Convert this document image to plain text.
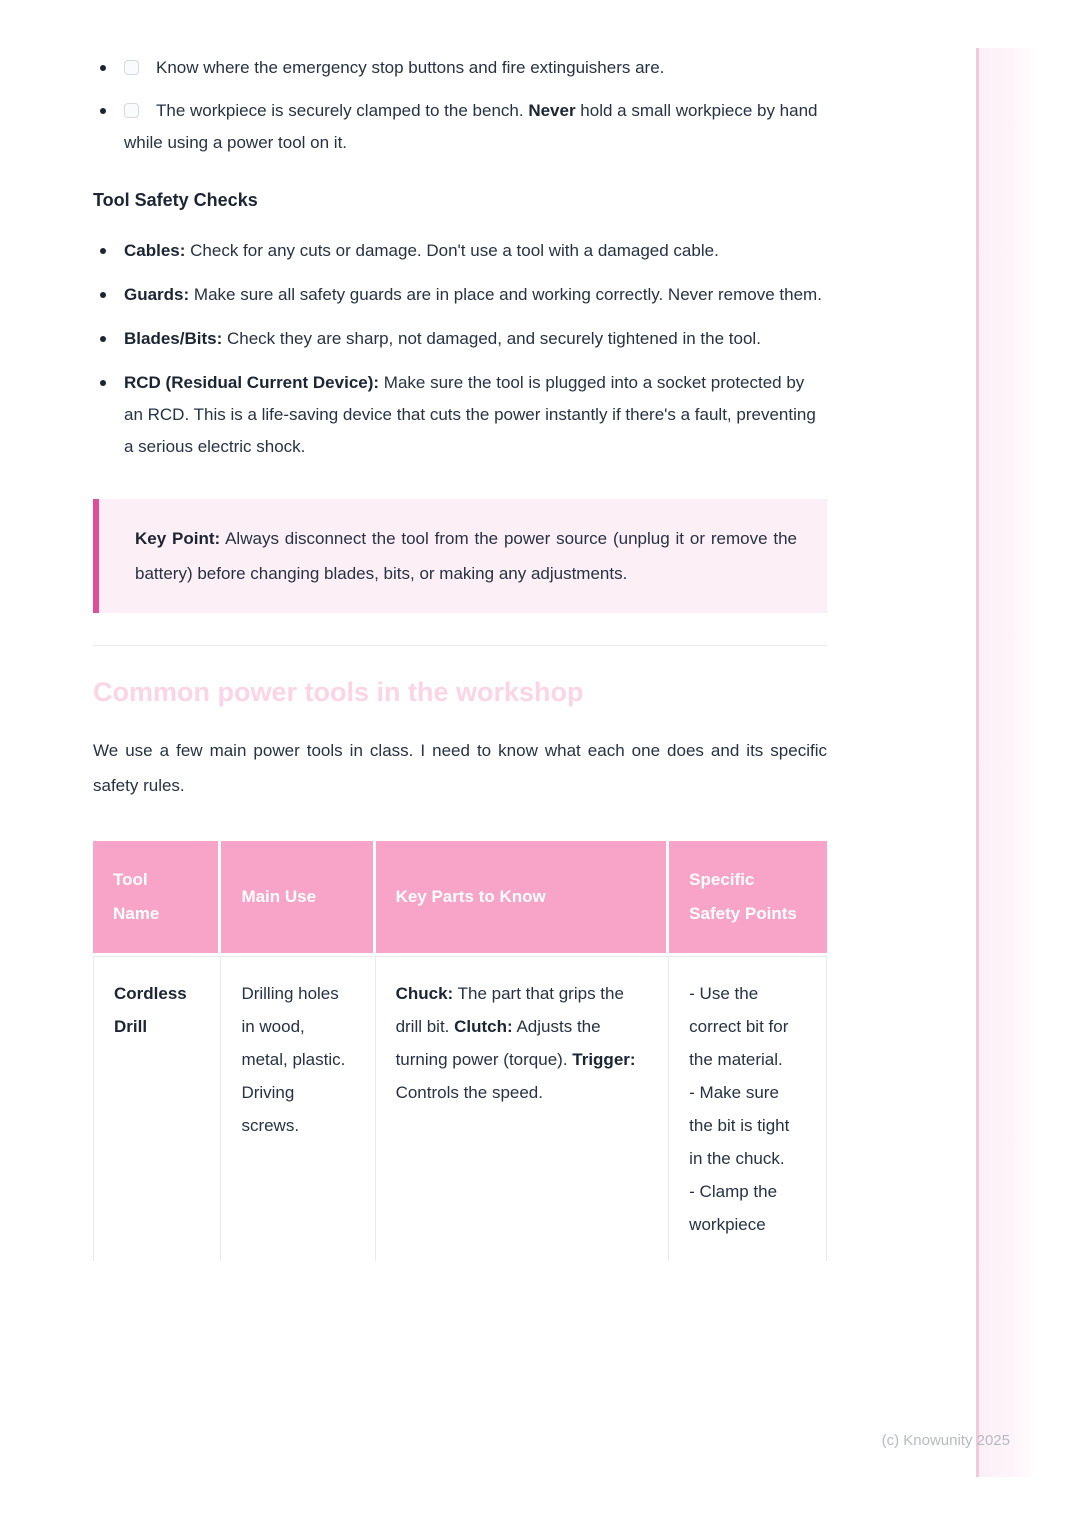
Know where the emergency stop buttons and fire extinguishers are.
The workpiece is securely clamped to the bench. Never hold a small workpiece by hand while using a power tool on it.
Tool Safety Checks
Cables: Check for any cuts or damage. Don't use a tool with a damaged cable.
Guards: Make sure all safety guards are in place and working correctly. Never remove them.
Blades/Bits: Check they are sharp, not damaged, and securely tightened in the tool.
RCD (Residual Current Device): Make sure the tool is plugged into a socket protected by an RCD. This is a life-saving device that cuts the power instantly if there's a fault, preventing a serious electric shock.
Key Point: Always disconnect the tool from the power source (unplug it or remove the battery) before changing blades, bits, or making any adjustments.
Common power tools in the workshop

We use a few main power tools in class. I need to know what each one does and its specific safety rules.

Tool Name	Main Use	Key Parts to Know	Specific Safety Points
Cordless Drill	Drilling holes in wood, metal, plastic. Driving screws.	Chuck: The part that grips the drill bit. Clutch: Adjusts the turning power (torque). Trigger: Controls the speed.	- Use the correct bit for the material.
- Make sure the bit is tight in the chuck.
- Clamp the workpiece
(c) Knowunity 2025
